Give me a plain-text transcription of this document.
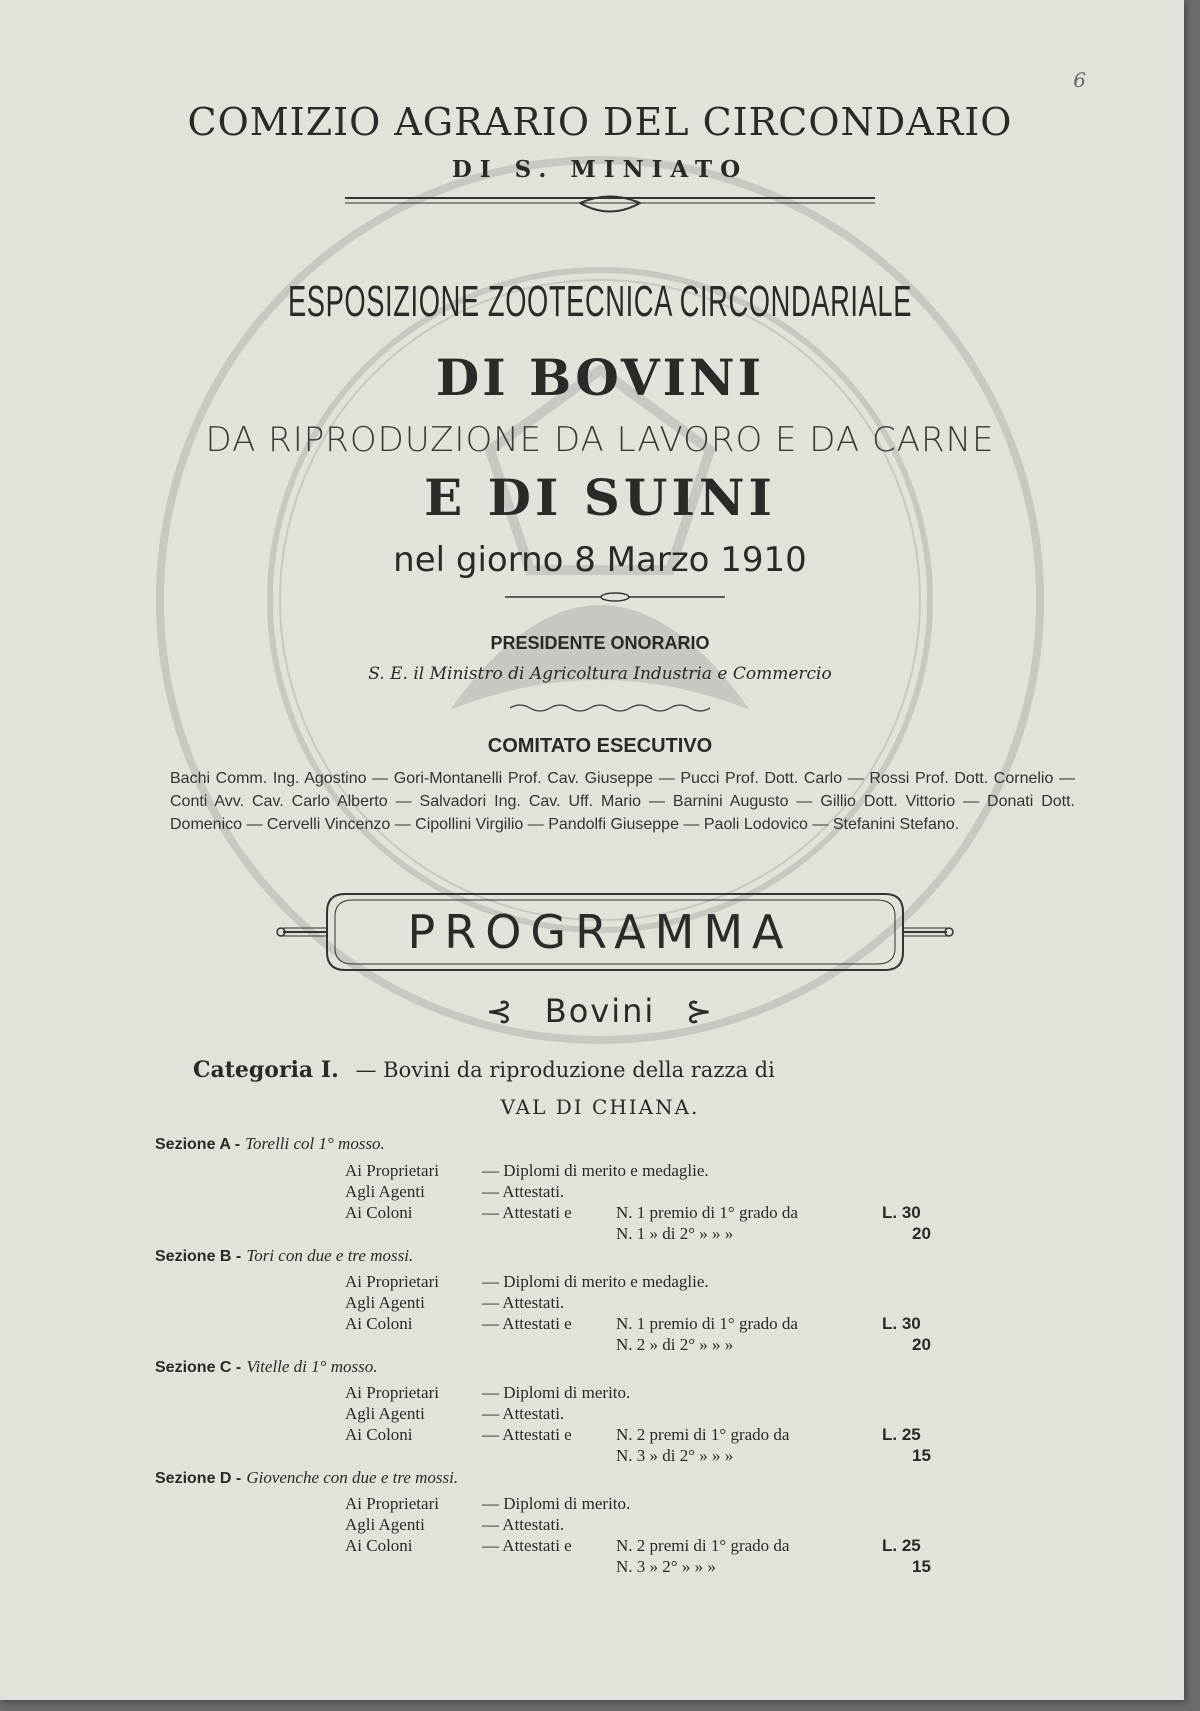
6
COMIZIO AGRARIO DEL CIRCONDARIO
DI S. MINIATO
ESPOSIZIONE ZOOTECNICA CIRCONDARIALE
DI BOVINI
DA RIPRODUZIONE DA LAVORO E DA CARNE
E DI SUINI
nel giorno 8 Marzo 1910
PRESIDENTE ONORARIO
S. E. il Ministro di Agricoltura Industria e Commercio
COMITATO ESECUTIVO
Bachi Comm. Ing. Agostino — Gori-Montanelli Prof. Cav. Giuseppe — Pucci Prof. Dott. Carlo — Rossi Prof. Dott. Cornelio — Conti Avv. Cav. Carlo Alberto — Salvadori Ing. Cav. Uff. Mario — Barnini Augusto — Gillio Dott. Vittorio — Donati Dott. Domenico — Cervelli Vincenzo — Cipollini Virgilio — Pandolfi Giuseppe — Paoli Lodovico — Stefanini Stefano.
PROGRAMMA
⊰ Bovini ⊱
Categoria I. — Bovini da riproduzione della razza di
VAL DI CHIANA.
Sezione A - Torelli col 1° mosso.
Ai Proprietari	— Diplomi di merito e medaglie.
Agli Agenti	— Attestati.
Ai Coloni	— Attestati e	N. 1 premio di 1° grado da	L. 30
N. 1 » di 2° » » »	20
Sezione B - Tori con due e tre mossi.
Ai Proprietari	— Diplomi di merito e medaglie.
Agli Agenti	— Attestati.
Ai Coloni	— Attestati e	N. 1 premio di 1° grado da	L. 30
N. 2 » di 2° » » »	20
Sezione C - Vitelle di 1° mosso.
Ai Proprietari	— Diplomi di merito.
Agli Agenti	— Attestati.
Ai Coloni	— Attestati e	N. 2 premi di 1° grado da	L. 25
N. 3 » di 2° » » »	15
Sezione D - Giovenche con due e tre mossi.
Ai Proprietari	— Diplomi di merito.
Agli Agenti	— Attestati.
Ai Coloni	— Attestati e	N. 2 premi di 1° grado da	L. 25
N. 3 » 2° » » »	15
